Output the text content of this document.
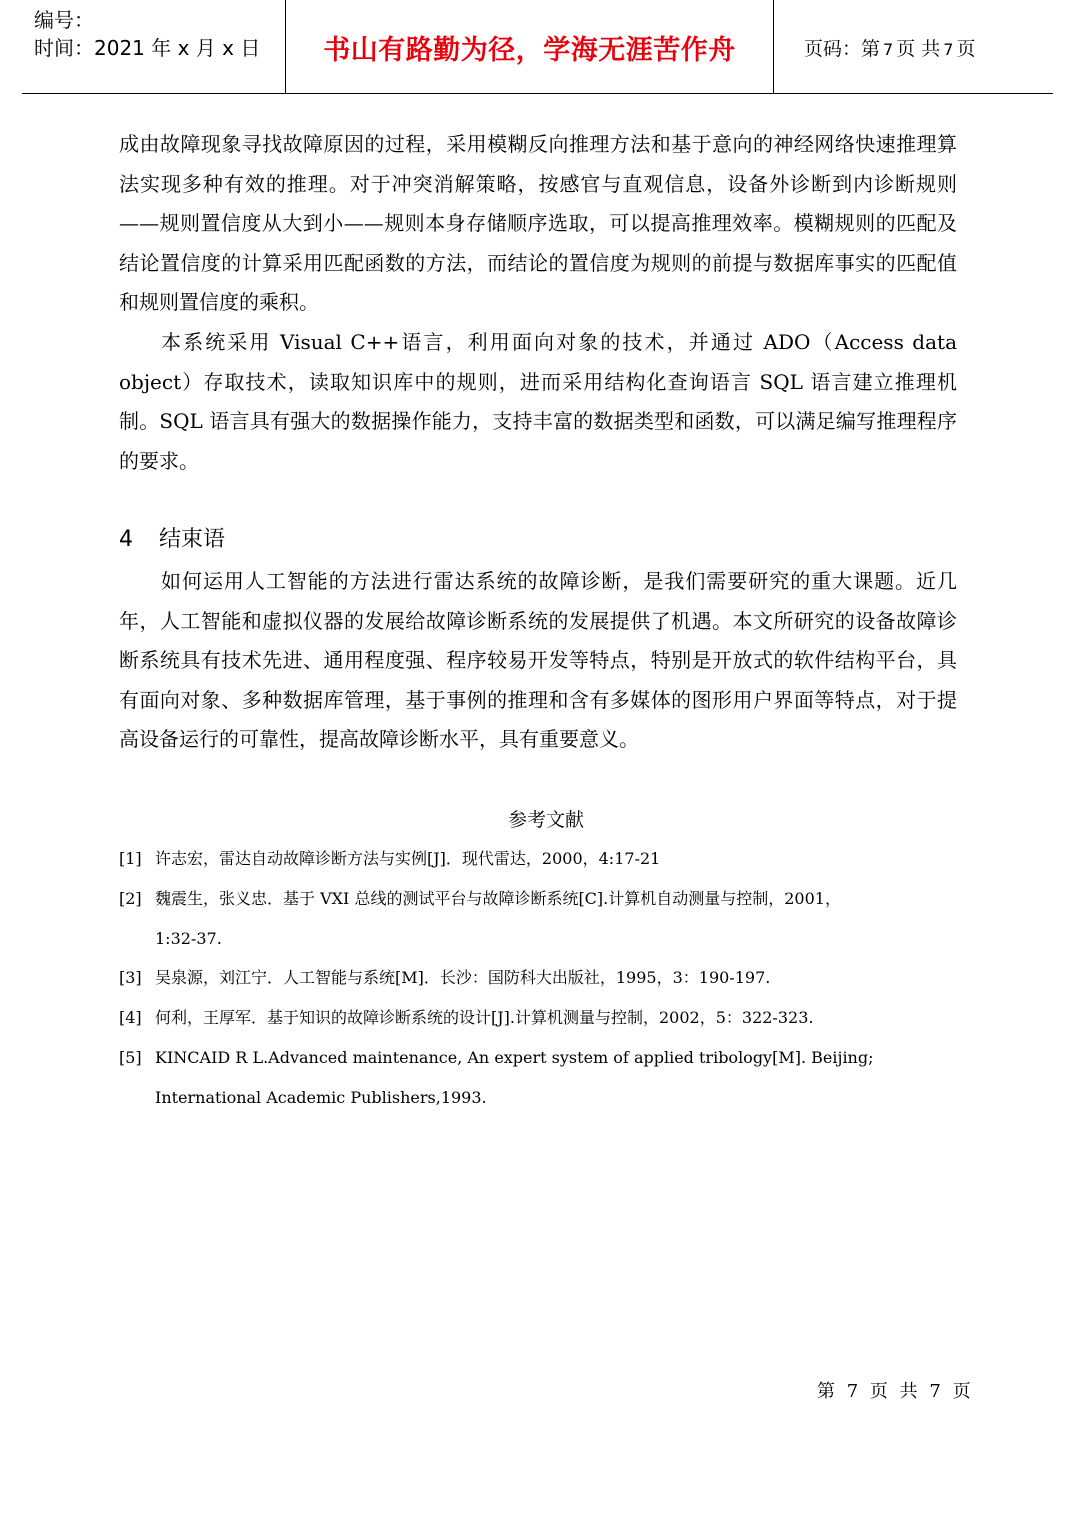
编号：
时间：2021 年 x 月 x 日	书山有路勤为径，学海无涯苦作舟	页码：第 7 页 共 7 页

成由故障现象寻找故障原因的过程，采用模糊反向推理方法和基于意向的神经网络快速推理算法实现多种有效的推理。对于冲突消解策略，按感官与直观信息，设备外诊断到内诊断规则——规则置信度从大到小——规则本身存储顺序选取，可以提高推理效率。模糊规则的匹配及结论置信度的计算采用匹配函数的方法，而结论的置信度为规则的前提与数据库事实的匹配值和规则置信度的乘积。

本系统采用 Visual C++语言，利用面向对象的技术，并通过 ADO（Access data object）存取技术，读取知识库中的规则，进而采用结构化查询语言 SQL 语言建立推理机制。SQL 语言具有强大的数据操作能力，支持丰富的数据类型和函数，可以满足编写推理程序的要求。

4 结束语

如何运用人工智能的方法进行雷达系统的故障诊断，是我们需要研究的重大课题。近几年，人工智能和虚拟仪器的发展给故障诊断系统的发展提供了机遇。本文所研究的设备故障诊断系统具有技术先进、通用程度强、程序较易开发等特点，特别是开放式的软件结构平台，具有面向对象、多种数据库管理，基于事例的推理和含有多媒体的图形用户界面等特点，对于提高设备运行的可靠性，提高故障诊断水平，具有重要意义。

参考文献
[1] 许志宏，雷达自动故障诊断方法与实例[J]．现代雷达，2000，4:17-21
[2] 魏震生，张义忠．基于 VXI 总线的测试平台与故障诊断系统[C].计算机自动测量与控制，2001，
1:32-37.
[3] 吴泉源，刘江宁．人工智能与系统[M]．长沙：国防科大出版社，1995，3：190-197.
[4] 何利，王厚军．基于知识的故障诊断系统的设计[J].计算机测量与控制，2002，5：322-323.
[5] KINCAID R L.Advanced maintenance, An expert system of applied tribology[M]. Beijing;
International Academic Publishers,1993.
第 7 页 共 7 页
